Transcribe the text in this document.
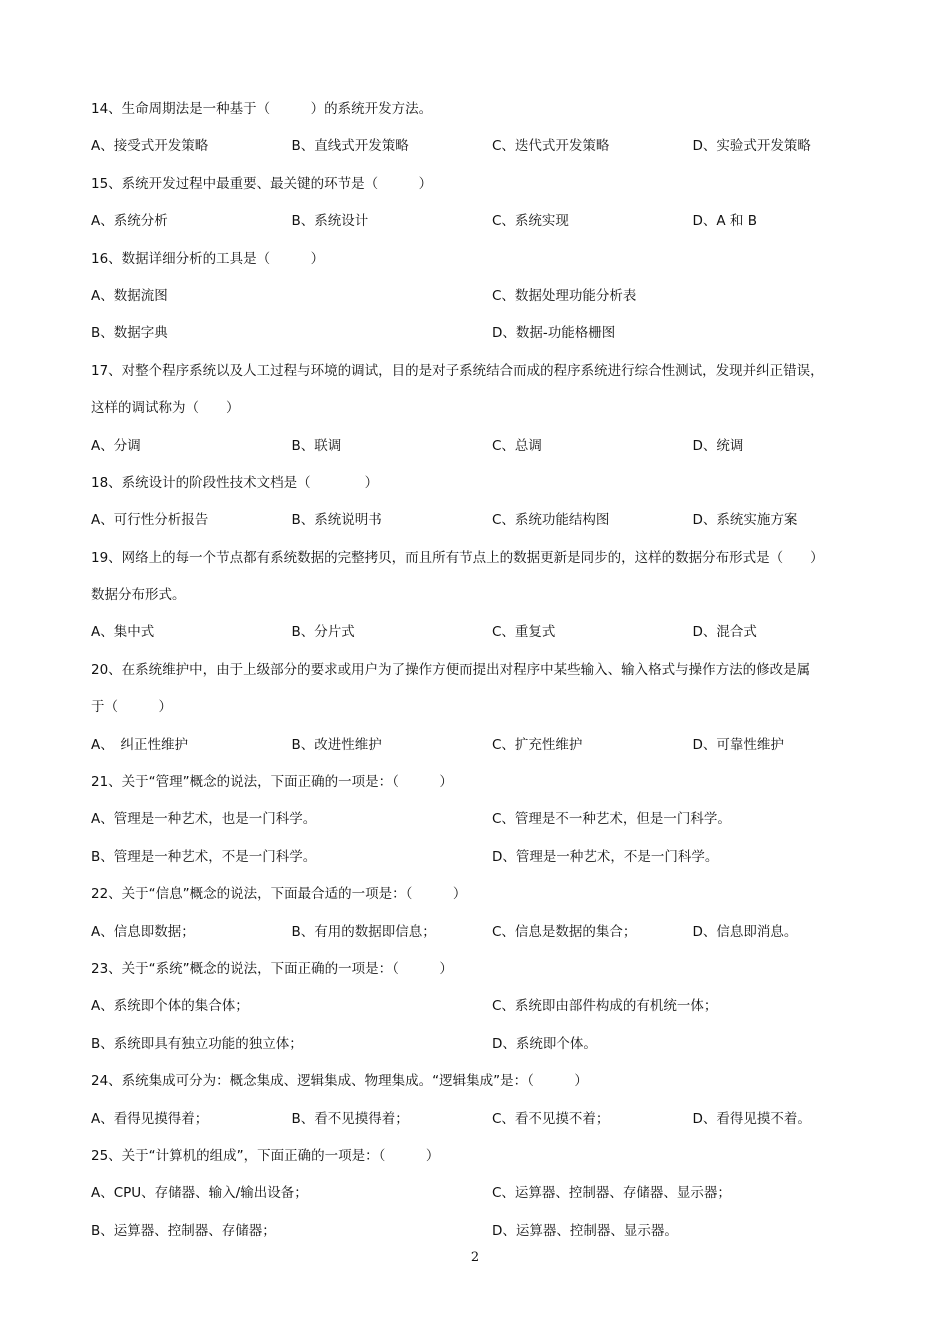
14、生命周期法是一种基于（　　　）的系统开发方法。
A、接受式开发策略	B、直线式开发策略	C、迭代式开发策略	D、实验式开发策略
15、系统开发过程中最重要、最关键的环节是（　　　）
A、系统分析	B、系统设计	C、系统实现	D、A 和 B
16、数据详细分析的工具是（　　　）
A、数据流图	C、数据处理功能分析表
B、数据字典	D、数据-功能格栅图
17、对整个程序系统以及人工过程与环境的调试，目的是对子系统结合而成的程序系统进行综合性测试，发现并纠正错误，
这样的调试称为（　　）
A、分调	B、联调	C、总调	D、统调
18、系统设计的阶段性技术文档是（　　　　）
A、可行性分析报告	B、系统说明书	C、系统功能结构图	D、系统实施方案
19、网络上的每一个节点都有系统数据的完整拷贝，而且所有节点上的数据更新是同步的，这样的数据分布形式是（　　）
数据分布形式。
A、集中式	B、分片式	C、重复式	D、混合式
20、在系统维护中，由于上级部分的要求或用户为了操作方便而提出对程序中某些输入、输入格式与操作方法的修改是属
于（　　　）
A、　纠正性维护	B、改进性维护	C、扩充性维护	D、可靠性维护
21、关于“管理”概念的说法，下面正确的一项是：（　　　）
A、管理是一种艺术，也是一门科学。	C、管理是不一种艺术，但是一门科学。
B、管理是一种艺术，不是一门科学。	D、管理是一种艺术，不是一门科学。
22、关于“信息”概念的说法，下面最合适的一项是：（　　　）
A、信息即数据；	B、有用的数据即信息；	C、信息是数据的集合；	D、信息即消息。
23、关于“系统”概念的说法，下面正确的一项是：（　　　）
A、系统即个体的集合体；	C、系统即由部件构成的有机统一体；
B、系统即具有独立功能的独立体；	D、系统即个体。
24、系统集成可分为：概念集成、逻辑集成、物理集成。“逻辑集成”是：（　　　）
A、看得见摸得着；	B、看不见摸得着；	C、看不见摸不着；	D、看得见摸不着。
25、关于“计算机的组成”，下面正确的一项是：（　　　）
A、CPU、存储器、输入/输出设备；	C、运算器、控制器、存储器、显示器；
B、运算器、控制器、存储器；	D、运算器、控制器、显示器。
2
